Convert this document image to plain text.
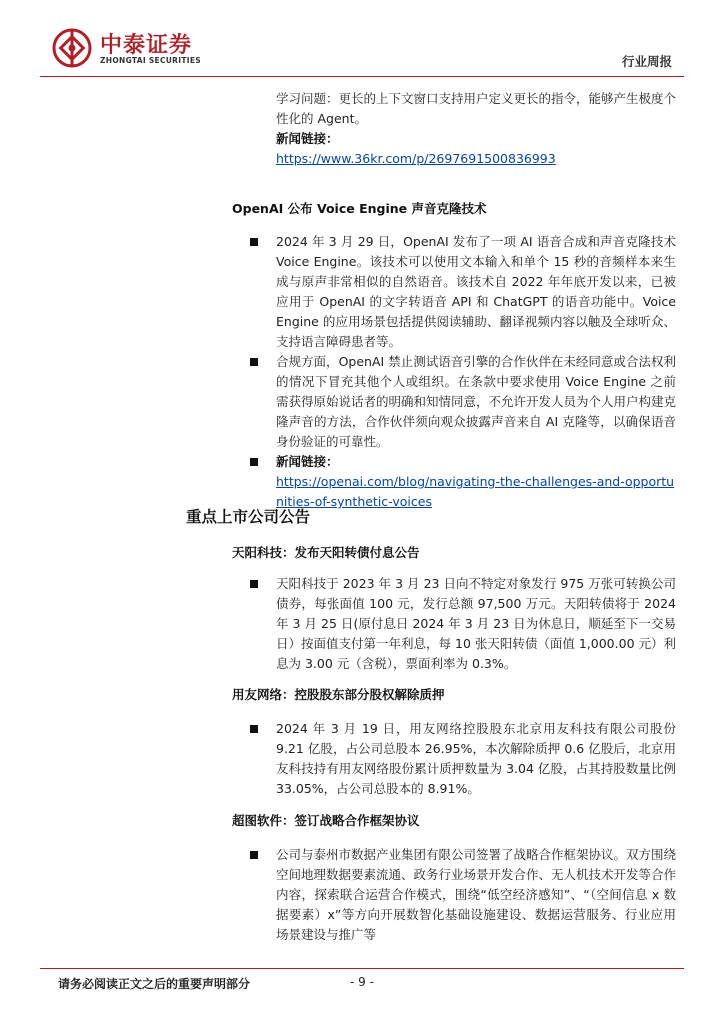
中泰证券
ZHONGTAI SECURITIES	行业周报

学习问题：更长的上下文窗口支持用户定义更长的指令，能够产生极度个性化的 Agent。

新闻链接：
https://www.36kr.com/p/2697691500836993
OpenAI 公布 Voice Engine 声音克隆技术

2024 年 3 月 29 日，OpenAI 发布了一项 AI 语音合成和声音克隆技术 Voice Engine。该技术可以使用文本输入和单个 15 秒的音频样本来生成与原声非常相似的自然语音。该技术自 2022 年年底开发以来，已被应用于 OpenAI 的文字转语音 API 和 ChatGPT 的语音功能中。Voice Engine 的应用场景包括提供阅读辅助、翻译视频内容以触及全球听众、支持语言障碍患者等。

合规方面，OpenAI 禁止测试语音引擎的合作伙伴在未经同意或合法权利的情况下冒充其他个人或组织。在条款中要求使用 Voice Engine 之前需获得原始说话者的明确和知情同意，不允许开发人员为个人用户构建克隆声音的方法，合作伙伴须向观众披露声音来自 AI 克隆等，以确保语音身份验证的可靠性。

新闻链接：
https://openai.com/blog/navigating-the-challenges-and-opportunities-of-synthetic-voices
重点上市公司公告
天阳科技：发布天阳转债付息公告

天阳科技于 2023 年 3 月 23 日向不特定对象发行 975 万张可转换公司债券，每张面值 100 元，发行总额 97,500 万元。天阳转债将于 2024 年 3 月 25 日(原付息日 2024 年 3 月 23 日为休息日，顺延至下一交易日）按面值支付第一年利息，每 10 张天阳转债（面值 1,000.00 元）利息为 3.00 元（含税），票面利率为 0.3%。

用友网络：控股股东部分股权解除质押

2024 年 3 月 19 日，用友网络控股股东北京用友科技有限公司股份 9.21 亿股，占公司总股本 26.95%，本次解除质押 0.6 亿股后，北京用友科技持有用友网络股份累计质押数量为 3.04 亿股，占其持股数量比例 33.05%，占公司总股本的 8.91%。

超图软件：签订战略合作框架协议

公司与泰州市数据产业集团有限公司签署了战略合作框架协议。双方围绕空间地理数据要素流通、政务行业场景开发合作、无人机技术开发等合作内容，探索联合运营合作模式，围绕“低空经济感知”、“（空间信息 x 数据要素）x”等方向开展数智化基础设施建设、数据运营服务、行业应用场景建设与推广等

请务必阅读正文之后的重要声明部分	- 9 -
